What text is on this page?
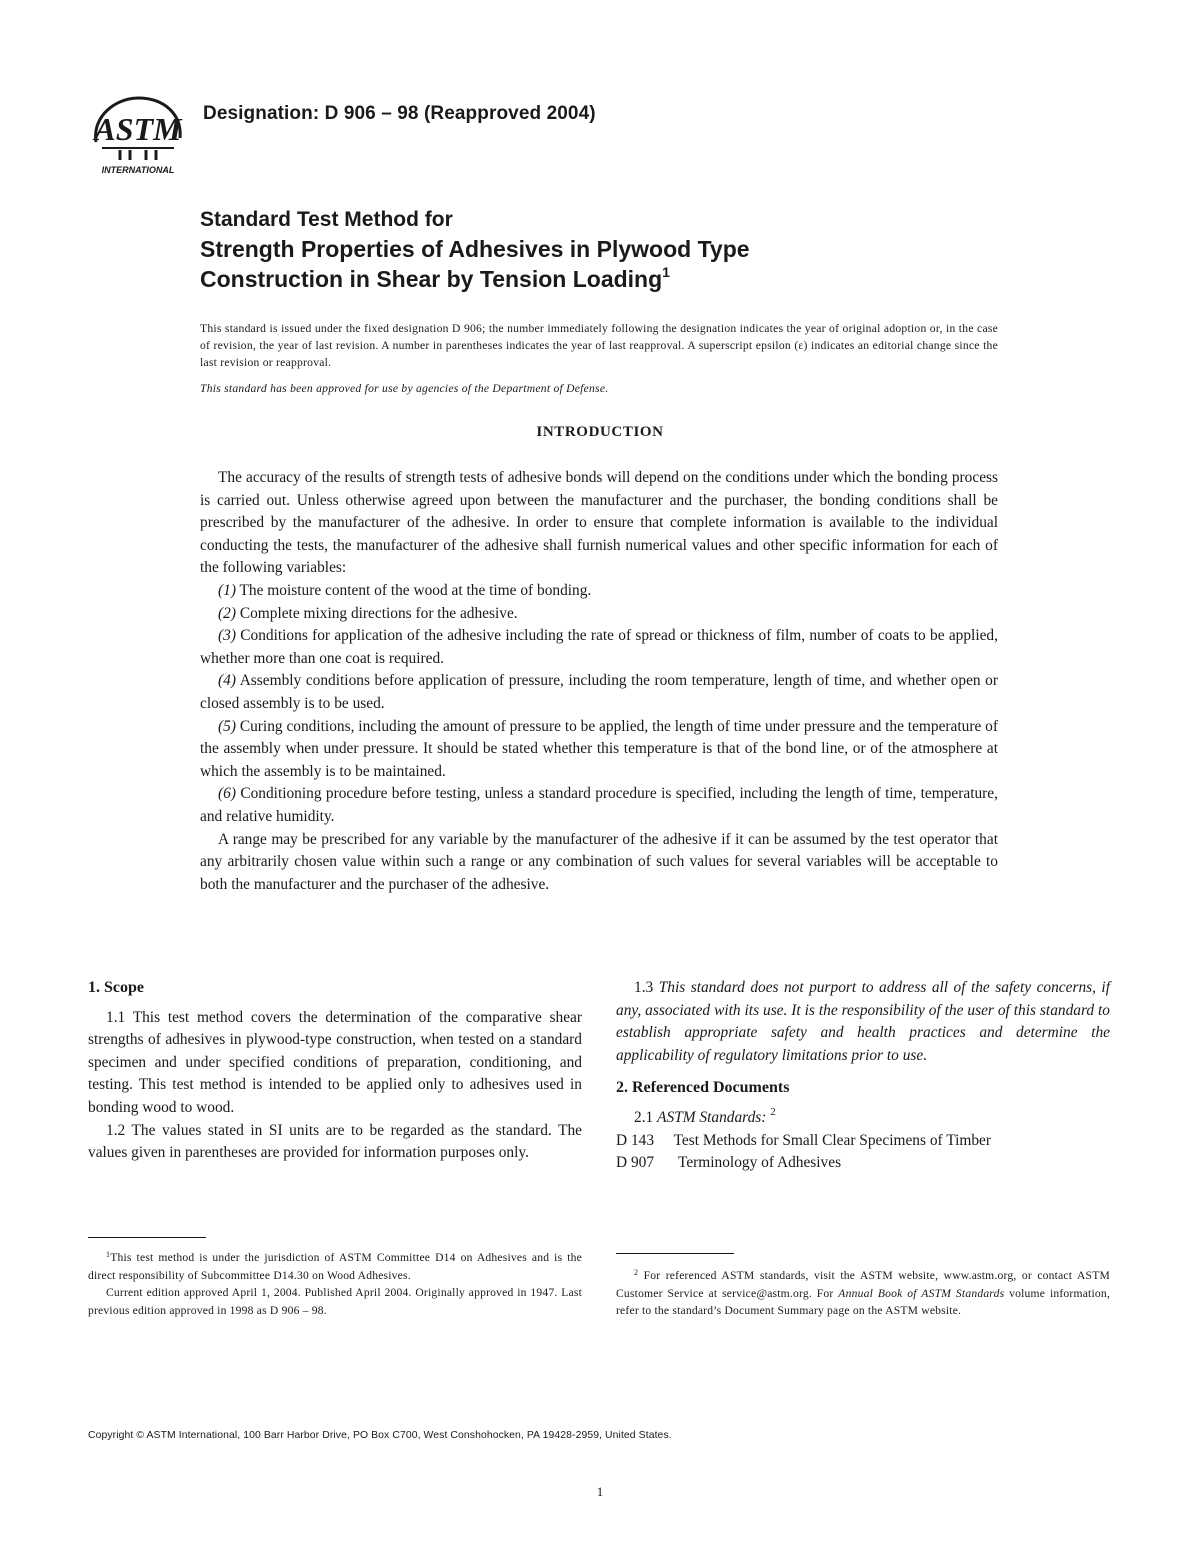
ASTM
INTERNATIONAL
Designation: D 906 – 98 (Reapproved 2004)
Standard Test Method for
Strength Properties of Adhesives in Plywood Type
Construction in Shear by Tension Loading$^1$
This standard is issued under the fixed designation D 906; the number immediately following the designation indicates the year of original adoption or, in the case of revision, the year of last revision. A number in parentheses indicates the year of last reapproval. A superscript epsilon (ε) indicates an editorial change since the last revision or reapproval.
This standard has been approved for use by agencies of the Department of Defense.
INTRODUCTION

The accuracy of the results of strength tests of adhesive bonds will depend on the conditions under which the bonding process is carried out. Unless otherwise agreed upon between the manufacturer and the purchaser, the bonding conditions shall be prescribed by the manufacturer of the adhesive. In order to ensure that complete information is available to the individual conducting the tests, the manufacturer of the adhesive shall furnish numerical values and other specific information for each of the following variables:

(1) The moisture content of the wood at the time of bonding.

(2) Complete mixing directions for the adhesive.

(3) Conditions for application of the adhesive including the rate of spread or thickness of film, number of coats to be applied, whether more than one coat is required.

(4) Assembly conditions before application of pressure, including the room temperature, length of time, and whether open or closed assembly is to be used.

(5) Curing conditions, including the amount of pressure to be applied, the length of time under pressure and the temperature of the assembly when under pressure. It should be stated whether this temperature is that of the bond line, or of the atmosphere at which the assembly is to be maintained.

(6) Conditioning procedure before testing, unless a standard procedure is specified, including the length of time, temperature, and relative humidity.

A range may be prescribed for any variable by the manufacturer of the adhesive if it can be assumed by the test operator that any arbitrarily chosen value within such a range or any combination of such values for several variables will be acceptable to both the manufacturer and the purchaser of the adhesive.

1. Scope

1.1 This test method covers the determination of the comparative shear strengths of adhesives in plywood-type construction, when tested on a standard specimen and under specified conditions of preparation, conditioning, and testing. This test method is intended to be applied only to adhesives used in bonding wood to wood.

1.2 The values stated in SI units are to be regarded as the standard. The values given in parentheses are provided for information purposes only.

1.3 This standard does not purport to address all of the safety concerns, if any, associated with its use. It is the responsibility of the user of this standard to establish appropriate safety and health practices and determine the applicability of regulatory limitations prior to use.

2. Referenced Documents

2.1 ASTM Standards: $^2$

D 143 Test Methods for Small Clear Specimens of Timber
D 907 Terminology of Adhesives

$^1$This test method is under the jurisdiction of ASTM Committee D14 on Adhesives and is the direct responsibility of Subcommittee D14.30 on Wood Adhesives.

Current edition approved April 1, 2004. Published April 2004. Originally approved in 1947. Last previous edition approved in 1998 as D 906 – 98.

$^2$ For referenced ASTM standards, visit the ASTM website, www.astm.org, or contact ASTM Customer Service at service@astm.org. For Annual Book of ASTM Standards volume information, refer to the standard’s Document Summary page on the ASTM website.

Copyright © ASTM International, 100 Barr Harbor Drive, PO Box C700, West Conshohocken, PA 19428-2959, United States.
1
